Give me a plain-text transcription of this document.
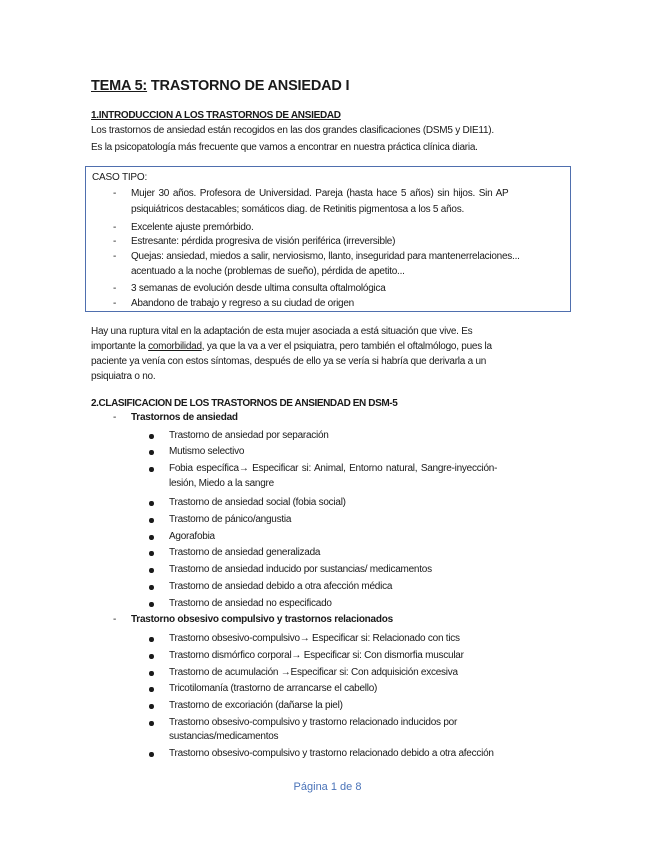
TEMA 5: TRASTORNO DE ANSIEDAD I
1.INTRODUCCION A LOS TRASTORNOS DE ANSIEDAD
Los trastornos de ansiedad están recogidos en las dos grandes clasificaciones (DSM5 y DIE11).
Es la psicopatología más frecuente que vamos a encontrar en nuestra práctica clínica diaria.
CASO TIPO:
- Mujer 30 años. Profesora de Universidad. Pareja (hasta hace 5 años) sin hijos. Sin AP
psiquiátricos destacables; somáticos diag. de Retinitis pigmentosa a los 5 años.
- Excelente ajuste premórbido.
- Estresante: pérdida progresiva de visión periférica (irreversible)
- Quejas: ansiedad, miedos a salir, nerviosismo, llanto, inseguridad para mantenerrelaciones...
acentuado a la noche (problemas de sueño), pérdida de apetito...
- 3 semanas de evolución desde ultima consulta oftalmológica
- Abandono de trabajo y regreso a su ciudad de origen
Hay una ruptura vital en la adaptación de esta mujer asociada a está situación que vive. Es
importante la comorbilidad, ya que la va a ver el psiquiatra, pero también el oftalmólogo, pues la
paciente ya venía con estos síntomas, después de ello ya se vería si habría que derivarla a un
psiquiatra o no.
2.CLASIFICACION DE LOS TRASTORNOS DE ANSIENDAD EN DSM-5
- Trastornos de ansiedad
Trastorno de ansiedad por separación
Mutismo selectivo
Fobia específica→ Especificar si: Animal, Entorno natural, Sangre-inyección-
lesión, Miedo a la sangre
Trastorno de ansiedad social (fobia social)
Trastorno de pánico/angustia
Agorafobia
Trastorno de ansiedad generalizada
Trastorno de ansiedad inducido por sustancias/ medicamentos
Trastorno de ansiedad debido a otra afección médica
Trastorno de ansiedad no especificado
- Trastorno obsesivo compulsivo y trastornos relacionados
Trastorno obsesivo-compulsivo→ Especificar si: Relacionado con tics
Trastorno dismórfico corporal→ Especificar si: Con dismorfia muscular
Trastorno de acumulación →Especificar si: Con adquisición excesiva
Tricotilomanía (trastorno de arrancarse el cabello)
Trastorno de excoriación (dañarse la piel)
Trastorno obsesivo-compulsivo y trastorno relacionado inducidos por
sustancias/medicamentos
Trastorno obsesivo-compulsivo y trastorno relacionado debido a otra afección
Página 1 de 8
